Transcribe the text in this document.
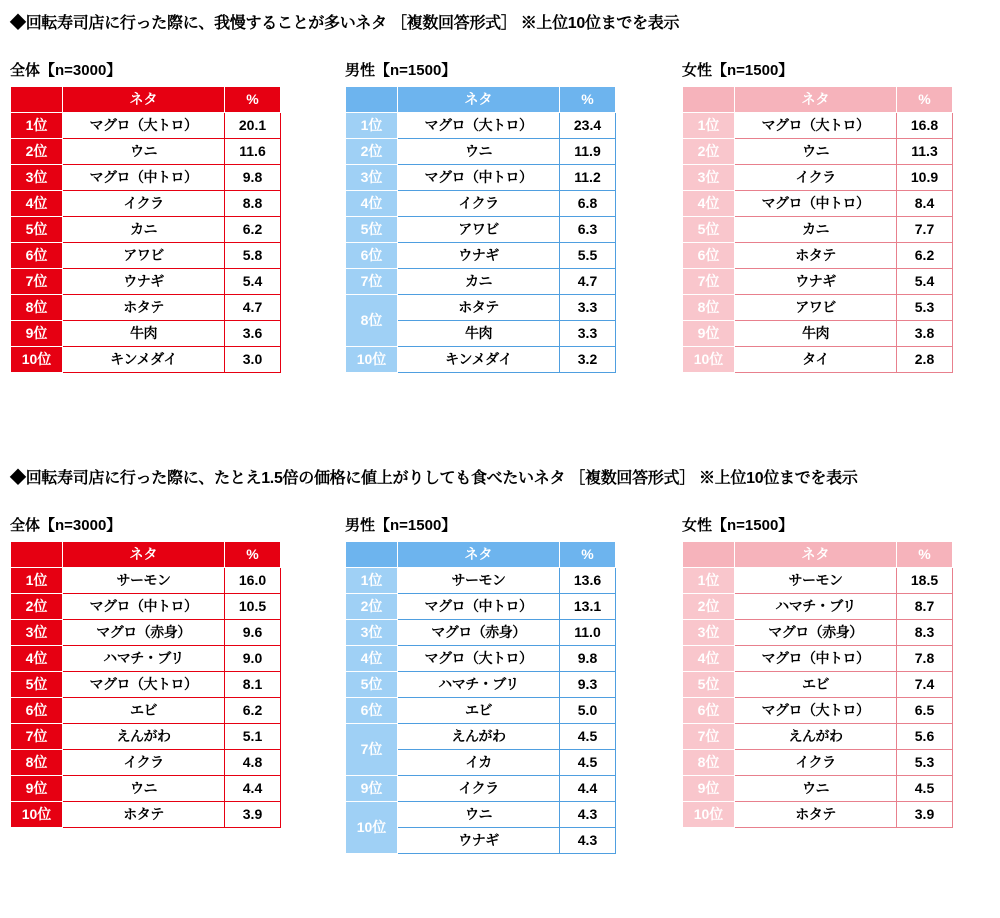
◆回転寿司店に行った際に、我慢することが多いネタ ［複数回答形式］ ※上位10位までを表示
全体【n=3000】
	ネタ	%
1位	マグロ（大トロ）	20.1
2位	ウニ	11.6
3位	マグロ（中トロ）	9.8
4位	イクラ	8.8
5位	カニ	6.2
6位	アワビ	5.8
7位	ウナギ	5.4
8位	ホタテ	4.7
9位	牛肉	3.6
10位	キンメダイ	3.0
男性【n=1500】
	ネタ	%
1位	マグロ（大トロ）	23.4
2位	ウニ	11.9
3位	マグロ（中トロ）	11.2
4位	イクラ	6.8
5位	アワビ	6.3
6位	ウナギ	5.5
7位	カニ	4.7
8位	ホタテ	3.3
	牛肉	3.3
10位	キンメダイ	3.2
女性【n=1500】
	ネタ	%
1位	マグロ（大トロ）	16.8
2位	ウニ	11.3
3位	イクラ	10.9
4位	マグロ（中トロ）	8.4
5位	カニ	7.7
6位	ホタテ	6.2
7位	ウナギ	5.4
8位	アワビ	5.3
9位	牛肉	3.8
10位	タイ	2.8
◆回転寿司店に行った際に、たとえ1.5倍の価格に値上がりしても食べたいネタ ［複数回答形式］ ※上位10位までを表示
全体【n=3000】
	ネタ	%
1位	サーモン	16.0
2位	マグロ（中トロ）	10.5
3位	マグロ（赤身）	9.6
4位	ハマチ・ブリ	9.0
5位	マグロ（大トロ）	8.1
6位	エビ	6.2
7位	えんがわ	5.1
8位	イクラ	4.8
9位	ウニ	4.4
10位	ホタテ	3.9
男性【n=1500】
	ネタ	%
1位	サーモン	13.6
2位	マグロ（中トロ）	13.1
3位	マグロ（赤身）	11.0
4位	マグロ（大トロ）	9.8
5位	ハマチ・ブリ	9.3
6位	エビ	5.0
7位	えんがわ	4.5
	イカ	4.5
9位	イクラ	4.4
10位	ウニ	4.3
	ウナギ	4.3
女性【n=1500】
	ネタ	%
1位	サーモン	18.5
2位	ハマチ・ブリ	8.7
3位	マグロ（赤身）	8.3
4位	マグロ（中トロ）	7.8
5位	エビ	7.4
6位	マグロ（大トロ）	6.5
7位	えんがわ	5.6
8位	イクラ	5.3
9位	ウニ	4.5
10位	ホタテ	3.9
